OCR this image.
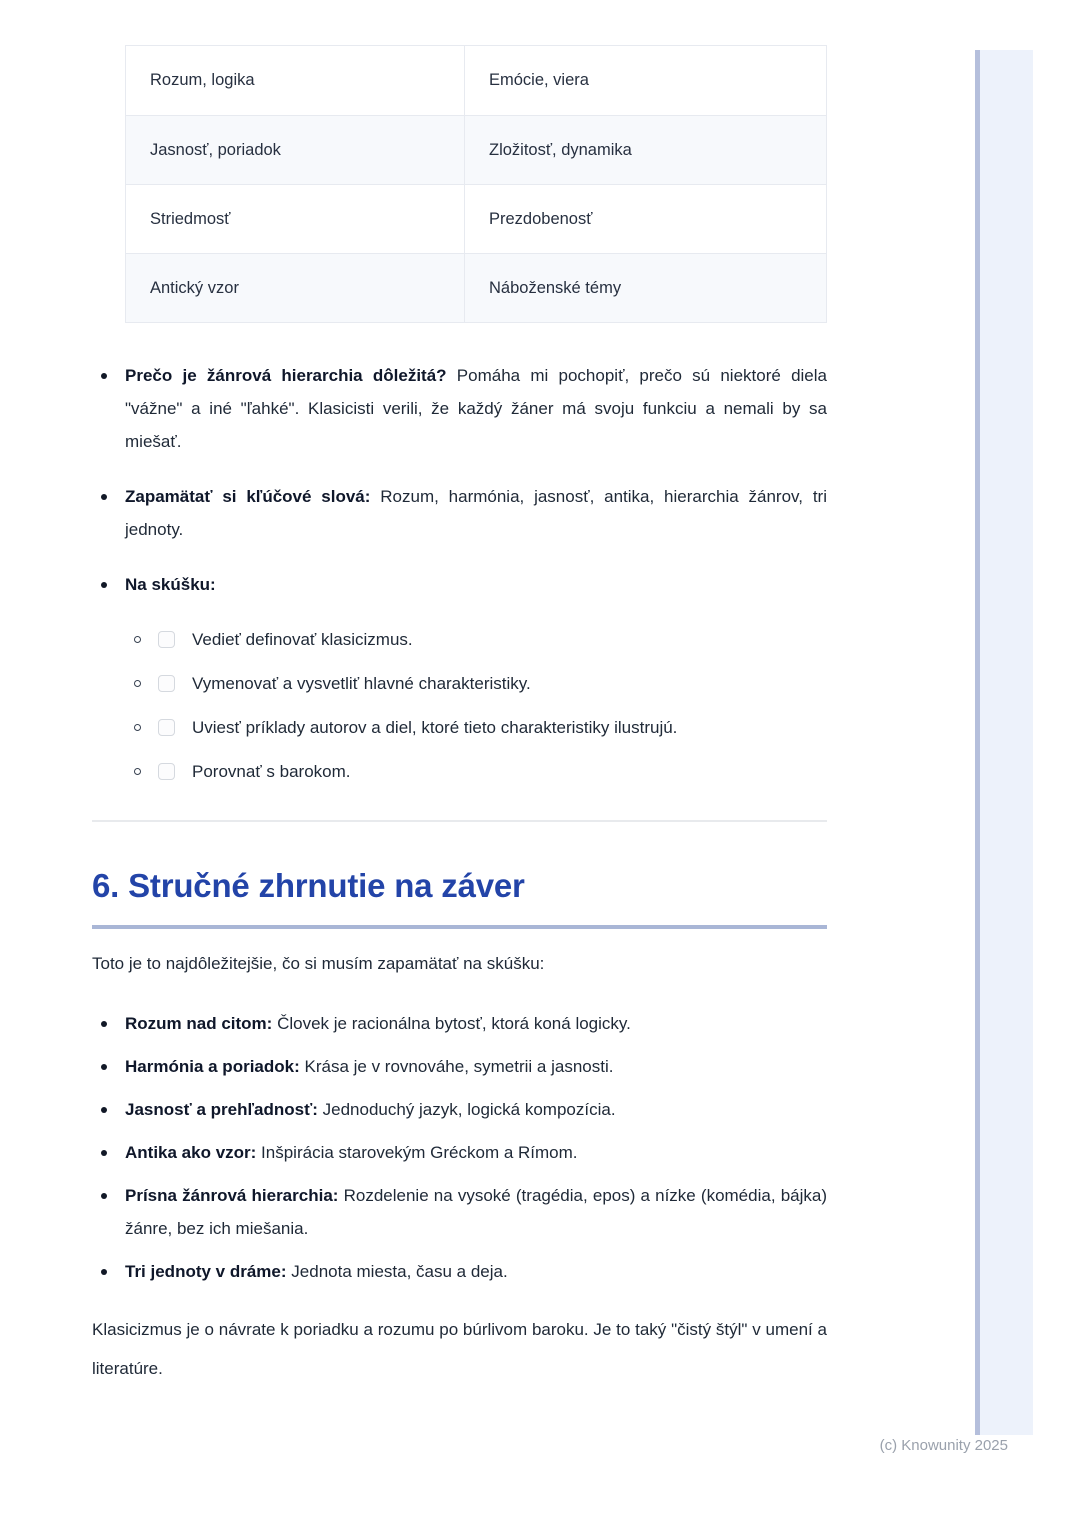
Rozum, logika	Emócie, viera
Jasnosť, poriadok	Zložitosť, dynamika
Striedmosť	Prezdobenosť
Antický vzor	Náboženské témy
Prečo je žánrová hierarchia dôležitá? Pomáha mi pochopiť, prečo sú niektoré diela "vážne" a iné "ľahké". Klasicisti verili, že každý žáner má svoju funkciu a nemali by sa miešať.
Zapamätať si kľúčové slová: Rozum, harmónia, jasnosť, antika, hierarchia žánrov, tri jednoty.
Na skúšku:
Vedieť definovať klasicizmus.
Vymenovať a vysvetliť hlavné charakteristiky.
Uviesť príklady autorov a diel, ktoré tieto charakteristiky ilustrujú.
Porovnať s barokom.
6. Stručné zhrnutie na záver

Toto je to najdôležitejšie, čo si musím zapamätať na skúšku:

Rozum nad citom: Človek je racionálna bytosť, ktorá koná logicky.
Harmónia a poriadok: Krása je v rovnováhe, symetrii a jasnosti.
Jasnosť a prehľadnosť: Jednoduchý jazyk, logická kompozícia.
Antika ako vzor: Inšpirácia starovekým Gréckom a Rímom.
Prísna žánrová hierarchia: Rozdelenie na vysoké (tragédia, epos) a nízke (komédia, bájka) žánre, bez ich miešania.
Tri jednoty v dráme: Jednota miesta, času a deja.

Klasicizmus je o návrate k poriadku a rozumu po búrlivom baroku. Je to taký "čistý štýl" v umení a literatúre.

(c) Knowunity 2025
